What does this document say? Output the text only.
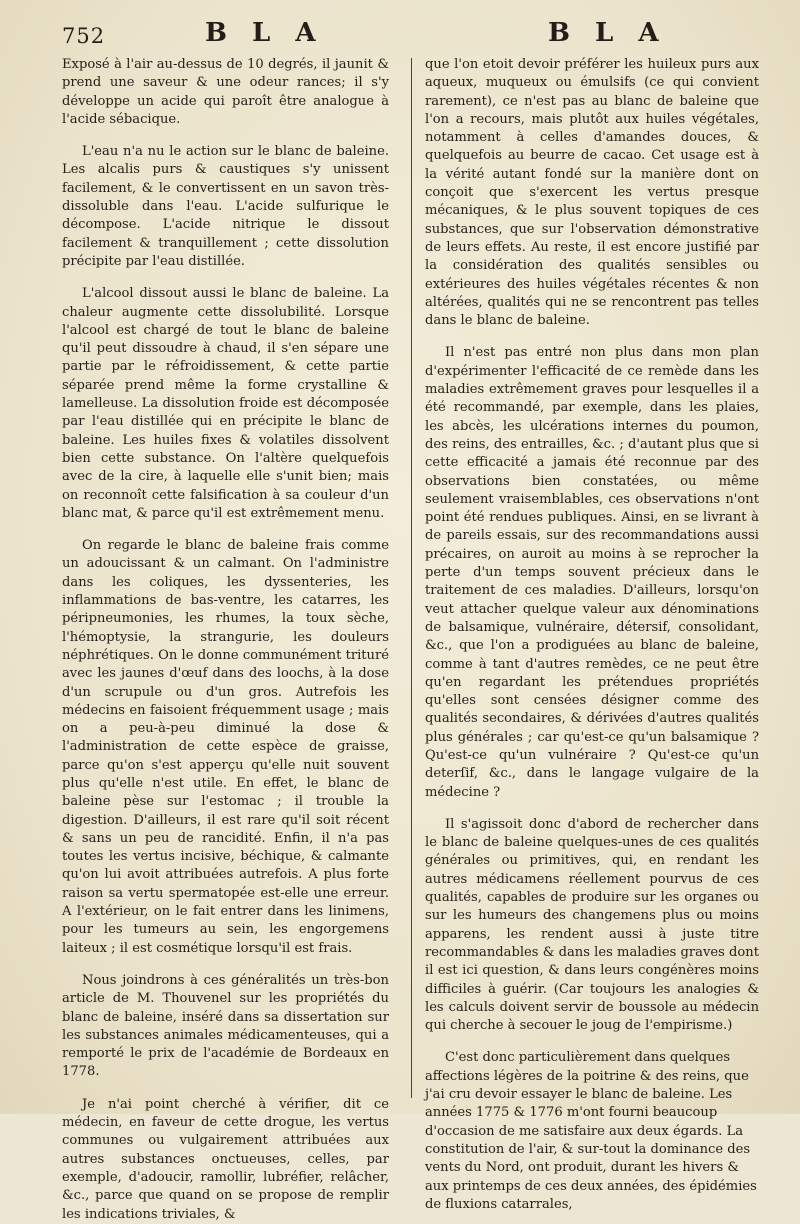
752	B L A	B L A

Exposé à l'air au-dessus de 10 degrés, il jaunit & prend une saveur & une odeur rances; il s'y développe un acide qui paroît être analogue à l'acide sébacique.

L'eau n'a nu le action sur le blanc de baleine. Les alcalis purs & caustiques s'y unissent facilement, & le convertissent en un savon très-dissoluble dans l'eau. L'acide sulfurique le décompose. L'acide nitrique le dissout facilement & tranquillement ; cette dissolution précipite par l'eau distillée.

L'alcool dissout aussi le blanc de baleine. La chaleur augmente cette dissolubilité. Lorsque l'alcool est chargé de tout le blanc de baleine qu'il peut dissoudre à chaud, il s'en sépare une partie par le réfroidissement, & cette partie séparée prend même la forme crystalline & lamelleuse. La dissolution froide est décomposée par l'eau distillée qui en précipite le blanc de baleine. Les huiles fixes & volatiles dissolvent bien cette substance. On l'altère quelquefois avec de la cire, à laquelle elle s'unit bien; mais on reconnoît cette falsification à sa couleur d'un blanc mat, & parce qu'il est extrêmement menu.

On regarde le blanc de baleine frais comme un adoucissant & un calmant. On l'administre dans les coliques, les dyssenteries, les inflammations de bas-ventre, les catarres, les péripneumonies, les rhumes, la toux sèche, l'hémoptysie, la strangurie, les douleurs néphrétiques. On le donne communément trituré avec les jaunes d'œuf dans des loochs, à la dose d'un scrupule ou d'un gros. Autrefois les médecins en faisoient fréquemment usage ; mais on a peu-à-peu diminué la dose & l'administration de cette espèce de graisse, parce qu'on s'est apperçu qu'elle nuit souvent plus qu'elle n'est utile. En effet, le blanc de baleine pèse sur l'estomac ; il trouble la digestion. D'ailleurs, il est rare qu'il soit récent & sans un peu de rancidité. Enfin, il n'a pas toutes les vertus incisive, béchique, & calmante qu'on lui avoit attribuées autrefois. A plus forte raison sa vertu spermatopée est-elle une erreur. A l'extérieur, on le fait entrer dans les linimens, pour les tumeurs au sein, les engorgemens laiteux ; il est cosmétique lorsqu'il est frais.

Nous joindrons à ces généralités un très-bon article de M. Thouvenel sur les propriétés du blanc de baleine, inséré dans sa dissertation sur les substances animales médicamenteuses, qui a remporté le prix de l'académie de Bordeaux en 1778.

Je n'ai point cherché à vérifier, dit ce médecin, en faveur de cette drogue, les vertus communes ou vulgairement attribuées aux autres substances onctueuses, celles, par exemple, d'adoucir, ramollir, lubréfier, relâcher, &c., parce que quand on se propose de remplir les indications triviales, &

que l'on etoit devoir préférer les huileux purs aux aqueux, muqueux ou émulsifs (ce qui convient rarement), ce n'est pas au blanc de baleine que l'on a recours, mais plutôt aux huiles végétales, notamment à celles d'amandes douces, & quelquefois au beurre de cacao. Cet usage est à la vérité autant fondé sur la manière dont on conçoit que s'exercent les vertus presque mécaniques, & le plus souvent topiques de ces substances, que sur l'observation démonstrative de leurs effets. Au reste, il est encore justifié par la considération des qualités sensibles ou extérieures des huiles végétales récentes & non altérées, qualités qui ne se rencontrent pas telles dans le blanc de baleine.

Il n'est pas entré non plus dans mon plan d'expérimenter l'efficacité de ce remède dans les maladies extrêmement graves pour lesquelles il a été recommandé, par exemple, dans les plaies, les abcès, les ulcérations internes du poumon, des reins, des entrailles, &c. ; d'autant plus que si cette efficacité a jamais été reconnue par des observations bien constatées, ou même seulement vraisemblables, ces observations n'ont point été rendues publiques. Ainsi, en se livrant à de pareils essais, sur des recommandations aussi précaires, on auroit au moins à se reprocher la perte d'un temps souvent précieux dans le traitement de ces maladies. D'ailleurs, lorsqu'on veut attacher quelque valeur aux dénominations de balsamique, vulnéraire, détersif, consolidant, &c., que l'on a prodiguées au blanc de baleine, comme à tant d'autres remèdes, ce ne peut être qu'en regardant les prétendues propriétés qu'elles sont censées désigner comme des qualités secondaires, & dérivées d'autres qualités plus générales ; car qu'est-ce qu'un balsamique ? Qu'est-ce qu'un vulnéraire ? Qu'est-ce qu'un deterſif, &c., dans le langage vulgaire de la médecine ?

Il s'agissoit donc d'abord de rechercher dans le blanc de baleine quelques-unes de ces qualités générales ou primitives, qui, en rendant les autres médicamens réellement pourvus de ces qualités, capables de produire sur les organes ou sur les humeurs des changemens plus ou moins apparens, les rendent aussi à juste titre recommandables & dans les maladies graves dont il est ici question, & dans leurs congénères moins difficiles à guérir. (Car toujours les analogies & les calculs doivent servir de boussole au médecin qui cherche à secouer le joug de l'empirisme.)

C'est donc particulièrement dans quelques affections légères de la poitrine & des reins, que j'ai cru devoir essayer le blanc de baleine. Les années 1775 & 1776 m'ont fourni beaucoup d'occasion de me satisfaire aux deux égards. La constitution de l'air, & sur-tout la dominance des vents du Nord, ont produit, durant les hivers & aux printemps de ces deux années, des épidémies de fluxions catarrales,
